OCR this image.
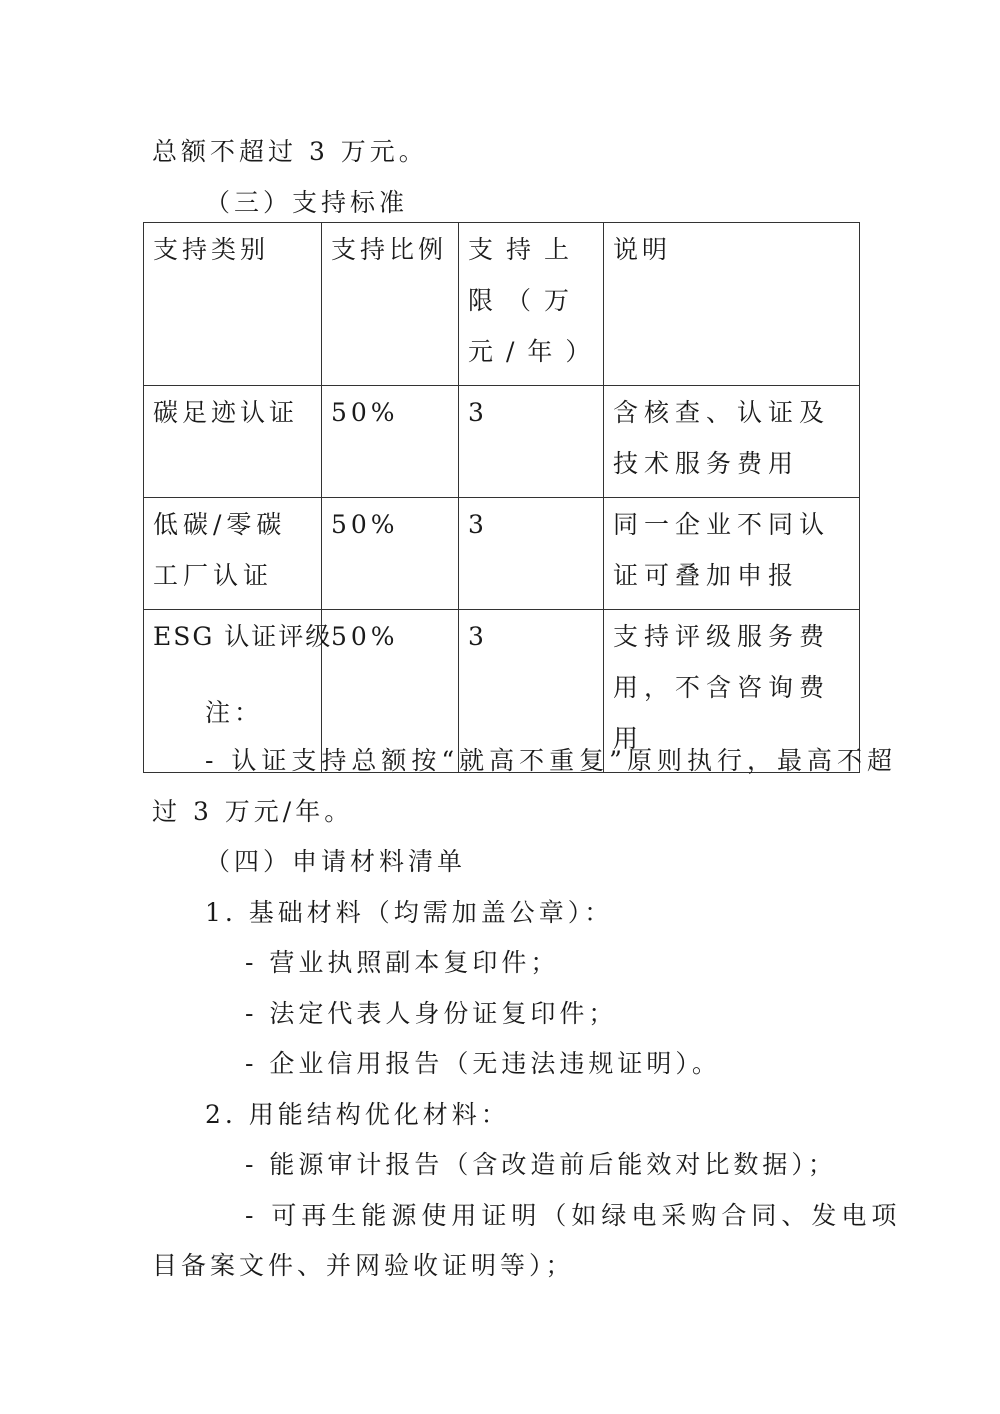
总额不超过 3 万元。
（三）支持标准
支持类别	支持比例	支持上限（万元/年）	说明

碳足迹认证	50%	3	含核查、认证及技术服务费用

低碳/零碳工厂认证	50%	3	同一企业不同认证可叠加申报

ESG 认证评级	50%	3	支持评级服务费用，不含咨询费用
注：
- 认证支持总额按“就高不重复”原则执行，最高不超
过 3 万元/年。
（四）申请材料清单
1. 基础材料（均需加盖公章）：
- 营业执照副本复印件；
- 法定代表人身份证复印件；
- 企业信用报告（无违法违规证明）。
2. 用能结构优化材料：
- 能源审计报告（含改造前后能效对比数据）；
- 可再生能源使用证明（如绿电采购合同、发电项
目备案文件、并网验收证明等）；
